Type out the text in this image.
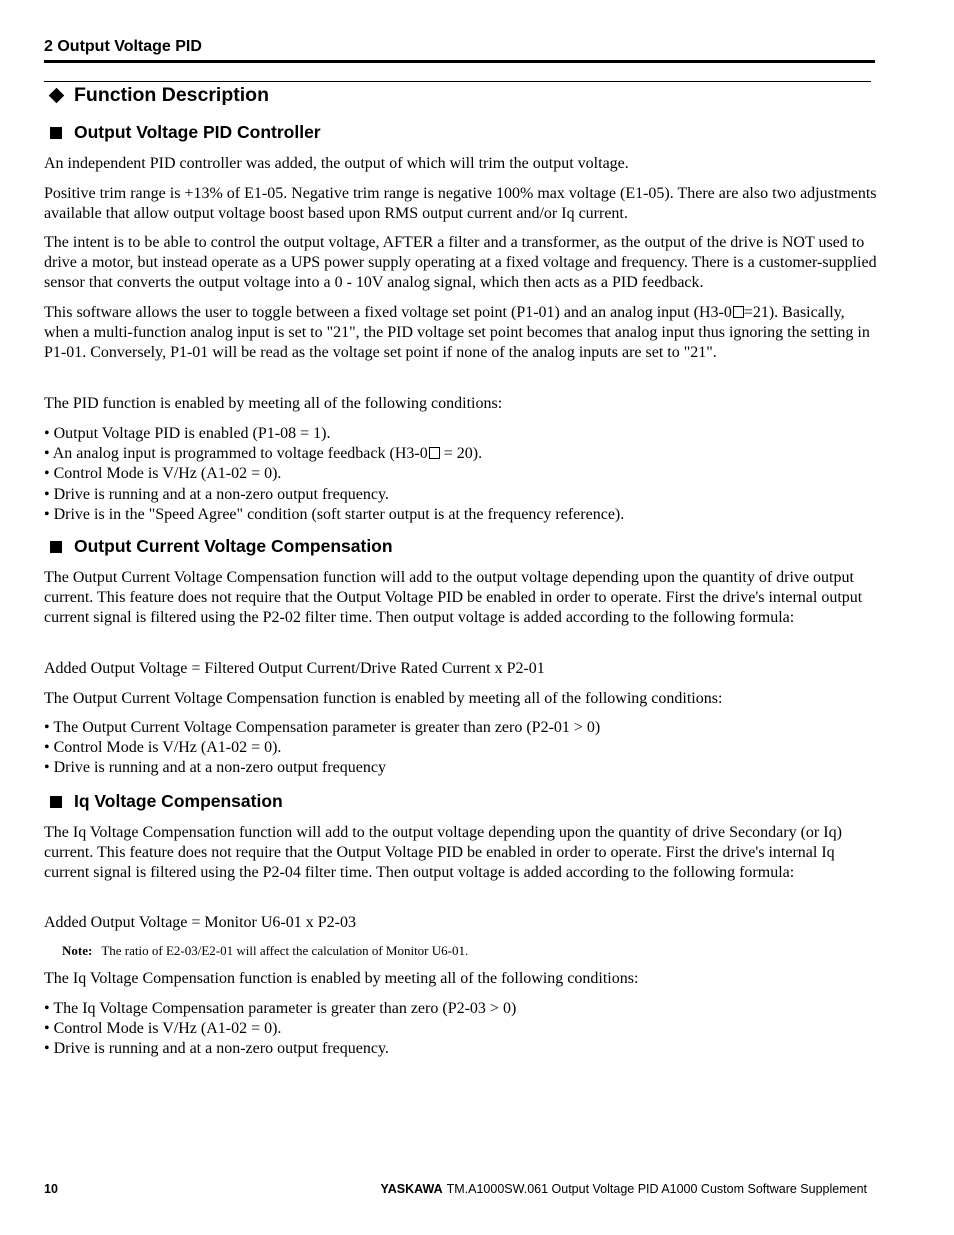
2 Output Voltage PID
Function Description
Output Voltage PID Controller

An independent PID controller was added, the output of which will trim the output voltage.

Positive trim range is +13% of E1-05. Negative trim range is negative 100% max voltage (E1-05). There are also two adjustments available that allow output voltage boost based upon RMS output current and/or Iq current.

The intent is to be able to control the output voltage, AFTER a filter and a transformer, as the output of the drive is NOT used to drive a motor, but instead operate as a UPS power supply operating at a fixed voltage and frequency. There is a customer-supplied sensor that converts the output voltage into a 0 - 10V analog signal, which then acts as a PID feedback.

This software allows the user to toggle between a fixed voltage set point (P1-01) and an analog input (H3-0 =21). Basically, when a multi-function analog input is set to "21", the PID voltage set point becomes that analog input thus ignoring the setting in P1-01. Conversely, P1-01 will be read as the voltage set point if none of the analog inputs are set to "21".

The PID function is enabled by meeting all of the following conditions:

• Output Voltage PID is enabled (P1-08 = 1).
• An analog input is programmed to voltage feedback (H3-0 = 20).
• Control Mode is V/Hz (A1-02 = 0).
• Drive is running and at a non-zero output frequency.
• Drive is in the "Speed Agree" condition (soft starter output is at the frequency reference).
Output Current Voltage Compensation

The Output Current Voltage Compensation function will add to the output voltage depending upon the quantity of drive output current. This feature does not require that the Output Voltage PID be enabled in order to operate. First the drive's internal output current signal is filtered using the P2-02 filter time. Then output voltage is added according to the following formula:

Added Output Voltage = Filtered Output Current/Drive Rated Current x P2-01

The Output Current Voltage Compensation function is enabled by meeting all of the following conditions:

• The Output Current Voltage Compensation parameter is greater than zero (P2-01 > 0)
• Control Mode is V/Hz (A1-02 = 0).
• Drive is running and at a non-zero output frequency
Iq Voltage Compensation

The Iq Voltage Compensation function will add to the output voltage depending upon the quantity of drive Secondary (or Iq) current. This feature does not require that the Output Voltage PID be enabled in order to operate. First the drive's internal Iq current signal is filtered using the P2-04 filter time. Then output voltage is added according to the following formula:

Added Output Voltage = Monitor U6-01 x P2-03

Note: The ratio of E2-03/E2-01 will affect the calculation of Monitor U6-01.

The Iq Voltage Compensation function is enabled by meeting all of the following conditions:

• The Iq Voltage Compensation parameter is greater than zero (P2-03 > 0)
• Control Mode is V/Hz (A1-02 = 0).
• Drive is running and at a non-zero output frequency.
10	YASKAWA TM.A1000SW.061 Output Voltage PID A1000 Custom Software Supplement
